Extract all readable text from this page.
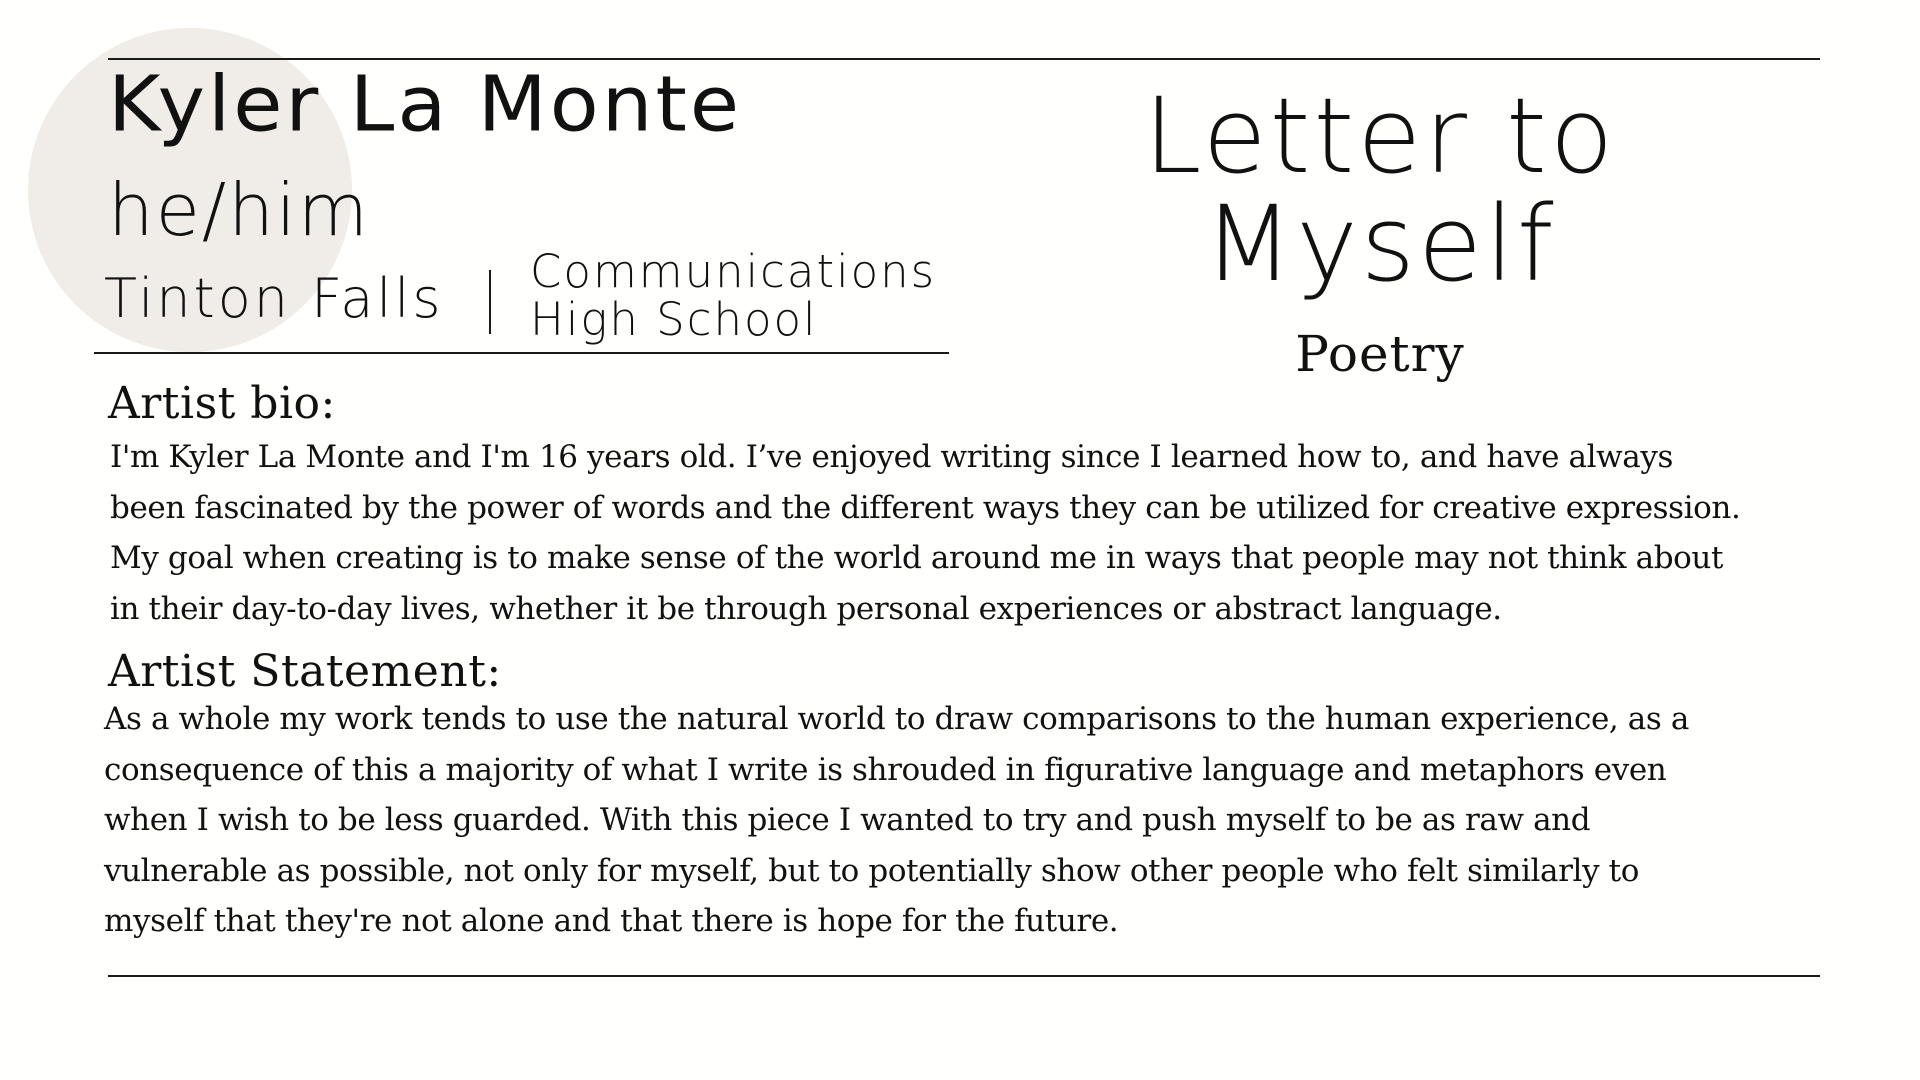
Kyler La Monte
he/him
Tinton Falls Communications
High School
Letter to
Myself
Poetry
Artist bio:
I'm Kyler La Monte and I'm 16 years old. I’ve enjoyed writing since I learned how to, and have always
been fascinated by the power of words and the different ways they can be utilized for creative expression.
My goal when creating is to make sense of the world around me in ways that people may not think about
in their day-to-day lives, whether it be through personal experiences or abstract language.
Artist Statement:
As a whole my work tends to use the natural world to draw comparisons to the human experience, as a
consequence of this a majority of what I write is shrouded in figurative language and metaphors even
when I wish to be less guarded. With this piece I wanted to try and push myself to be as raw and
vulnerable as possible, not only for myself, but to potentially show other people who felt similarly to
myself that they're not alone and that there is hope for the future.
